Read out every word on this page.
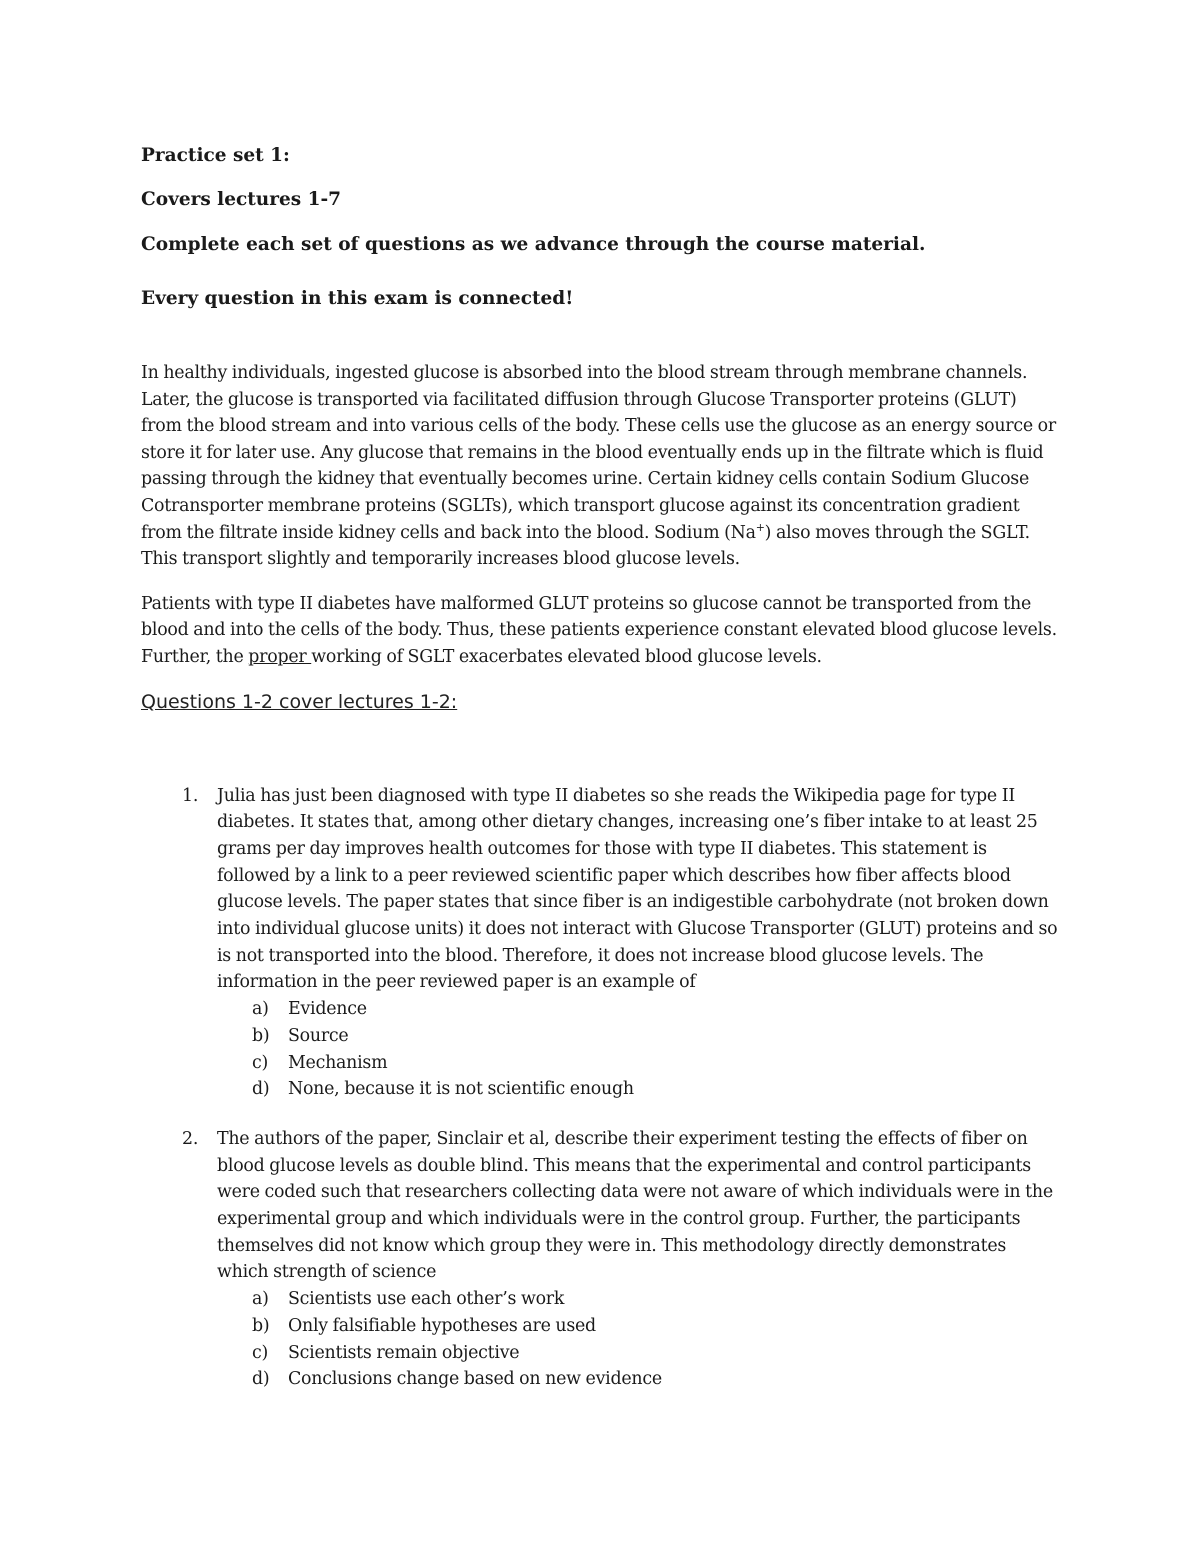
Practice set 1:

Covers lectures 1-7

Complete each set of questions as we advance through the course material.

Every question in this exam is connected!

In healthy individuals, ingested glucose is absorbed into the blood stream through membrane channels. Later, the glucose is transported via facilitated diffusion through Glucose Transporter proteins (GLUT) from the blood stream and into various cells of the body. These cells use the glucose as an energy source or store it for later use. Any glucose that remains in the blood eventually ends up in the filtrate which is fluid passing through the kidney that eventually becomes urine. Certain kidney cells contain Sodium Glucose Cotransporter membrane proteins (SGLTs), which transport glucose against its concentration gradient from the filtrate inside kidney cells and back into the blood. Sodium (Na+) also moves through the SGLT. This transport slightly and temporarily increases blood glucose levels.

Patients with type II diabetes have malformed GLUT proteins so glucose cannot be transported from the blood and into the cells of the body. Thus, these patients experience constant elevated blood glucose levels. Further, the proper working of SGLT exacerbates elevated blood glucose levels.

Questions 1-2 cover lectures 1-2:

1. Julia has just been diagnosed with type II diabetes so she reads the Wikipedia page for type II diabetes. It states that, among other dietary changes, increasing one’s fiber intake to at least 25 grams per day improves health outcomes for those with type II diabetes. This statement is followed by a link to a peer reviewed scientific paper which describes how fiber affects blood glucose levels. The paper states that since fiber is an indigestible carbohydrate (not broken down into individual glucose units) it does not interact with Glucose Transporter (GLUT) proteins and so is not transported into the blood. Therefore, it does not increase blood glucose levels. The information in the peer reviewed paper is an example of
a) Evidence
b) Source
c) Mechanism
d) None, because it is not scientific enough
2. The authors of the paper, Sinclair et al, describe their experiment testing the effects of fiber on blood glucose levels as double blind. This means that the experimental and control participants were coded such that researchers collecting data were not aware of which individuals were in the experimental group and which individuals were in the control group. Further, the participants themselves did not know which group they were in. This methodology directly demonstrates which strength of science
a) Scientists use each other’s work
b) Only falsifiable hypotheses are used
c) Scientists remain objective
d) Conclusions change based on new evidence
